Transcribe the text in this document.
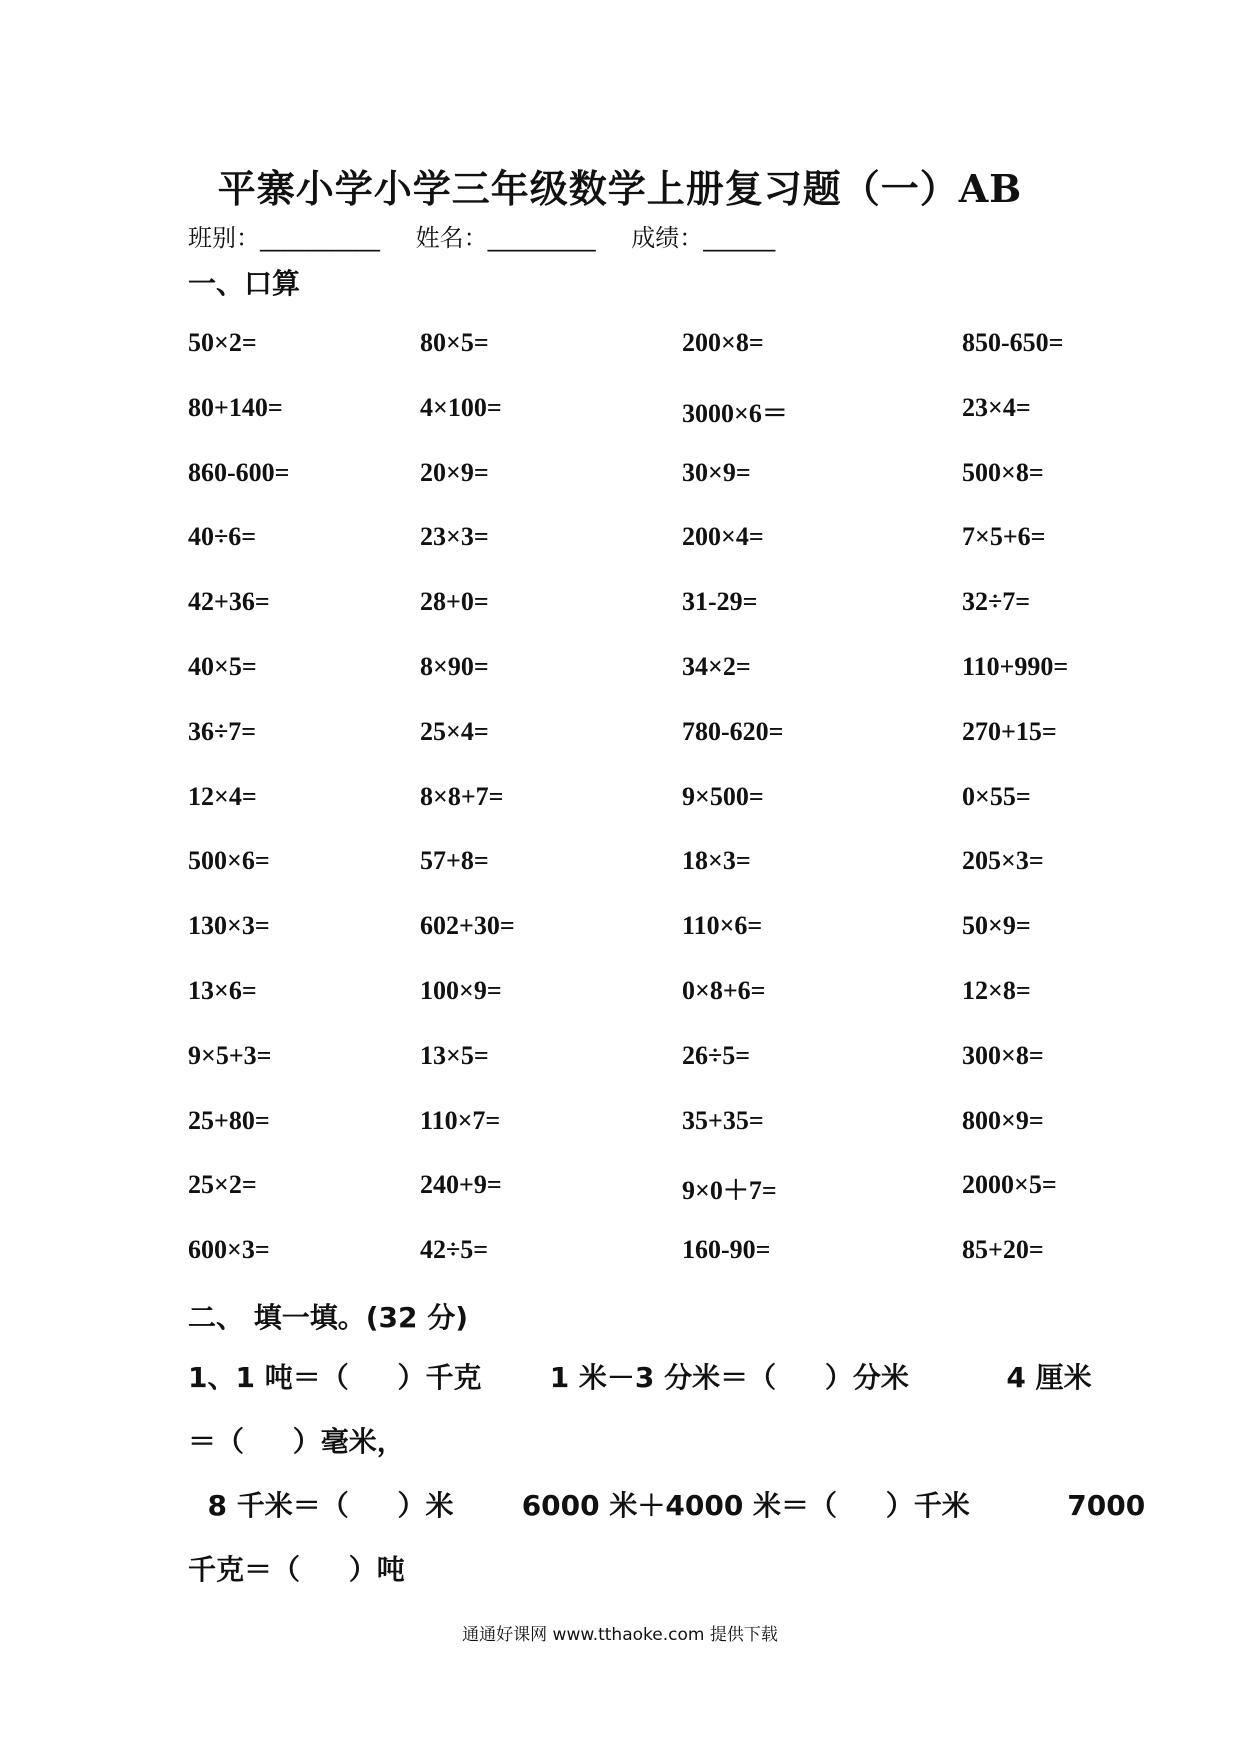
平寨小学小学三年级数学上册复习题（一）AB
班别：__________ 姓名：_________ 成绩：______
一、口算
50×2=	80×5=	200×8=	850-650=
80+140=	4×100=	3000×6＝	23×4=
860-600=	20×9=	30×9=	500×8=
40÷6=	23×3=	200×4=	7×5+6=
42+36=	28+0=	31-29=	32÷7=
40×5=	8×90=	34×2=	110+990=
36÷7=	25×4=	780-620=	270+15=
12×4=	8×8+7=	9×500=	0×55=
500×6=	57+8=	18×3=	205×3=
130×3=	602+30=	110×6=	50×9=
13×6=	100×9=	0×8+6=	12×8=
9×5+3=	13×5=	26÷5=	300×8=
25+80=	110×7=	35+35=	800×9=
25×2=	240+9=	9×0＋7=	2000×5=
600×3=	42÷5=	160-90=	85+20=
二、 填一填。(32 分)
1、1 吨＝（     ）千克       1 米－3 分米＝（     ）分米          4 厘米
＝（     ）毫米，
8 千米＝（     ）米       6000 米＋4000 米＝（     ）千米          7000
千克＝（     ）吨
通通好课网 www.tthaoke.com 提供下载
